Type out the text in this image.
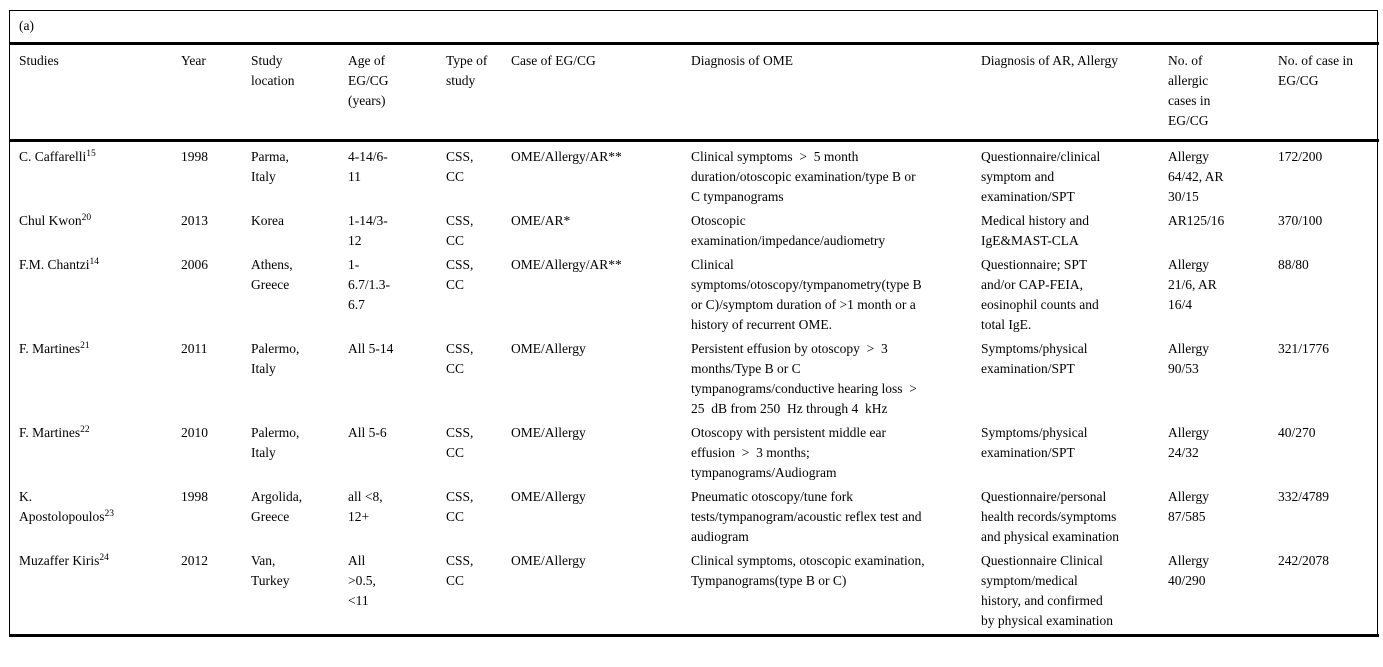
(a)
Studies	Year	Study location	Age of EG/CG (years)	Type of study	Case of EG/CG	Diagnosis of OME	Diagnosis of AR, Allergy	No. of allergic cases in EG/CG	No. of case in EG/CG
C. Caffarelli$^{15}$	1998	Parma, Italy	4-14/6-11	CSS, CC	OME/Allergy/AR**	Clinical symptoms  >  5 month duration/otoscopic examination/type B or C tympanograms	Questionnaire/clinical symptom and examination/SPT	Allergy 64/42, AR 30/15	172/200
Chul Kwon$^{20}$	2013	Korea	1-14/3-12	CSS, CC	OME/AR*	Otoscopic examination/impedance/audiometry	Medical history and IgE&MAST-CLA	AR125/16	370/100
F.M. Chantzi$^{14}$	2006	Athens, Greece	1-6.7/1.3-6.7	CSS, CC	OME/Allergy/AR**	Clinical symptoms/otoscopy/tympanometry(type B or C)/symptom duration of >1 month or a history of recurrent OME.	Questionnaire; SPT and/or CAP-FEIA, eosinophil counts and total IgE.	Allergy 21/6, AR 16/4	88/80
F. Martines$^{21}$	2011	Palermo, Italy	All 5-14	CSS, CC	OME/Allergy	Persistent effusion by otoscopy  >  3 months/Type B or C tympanograms/conductive hearing loss  >  25  dB from 250  Hz through 4  kHz	Symptoms/physical examination/SPT	Allergy 90/53	321/1776
F. Martines$^{22}$	2010	Palermo, Italy	All 5-6	CSS, CC	OME/Allergy	Otoscopy with persistent middle ear effusion  >  3 months; tympanograms/Audiogram	Symptoms/physical examination/SPT	Allergy 24/32	40/270
K. Apostolopoulos$^{23}$	1998	Argolida, Greece	all <8, 12+	CSS, CC	OME/Allergy	Pneumatic otoscopy/tune fork tests/tympanogram/acoustic reflex test and audiogram	Questionnaire/personal health records/symptoms and physical examination	Allergy 87/585	332/4789
Muzaffer Kiris$^{24}$	2012	Van, Turkey	All >0.5, <11	CSS, CC	OME/Allergy	Clinical symptoms, otoscopic examination, Tympanograms(type B or C)	Questionnaire Clinical symptom/medical history, and confirmed by physical examination	Allergy 40/290	242/2078
